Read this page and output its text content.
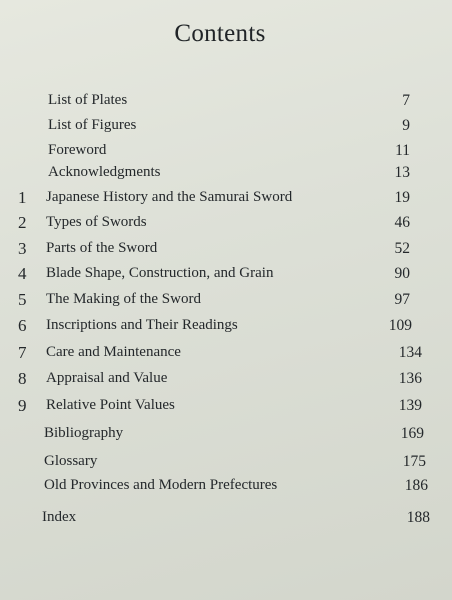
Contents
List of Plates	7
List of Figures	9
Foreword	11
Acknowledgments	13
1	Japanese History and the Samurai Sword	19
2	Types of Swords	46
3	Parts of the Sword	52
4	Blade Shape, Construction, and Grain	90
5	The Making of the Sword	97
6	Inscriptions and Their Readings	109
7	Care and Maintenance	134
8	Appraisal and Value	136
9	Relative Point Values	139
Bibliography	169
Glossary	175
Old Provinces and Modern Prefectures	186
Index	188
